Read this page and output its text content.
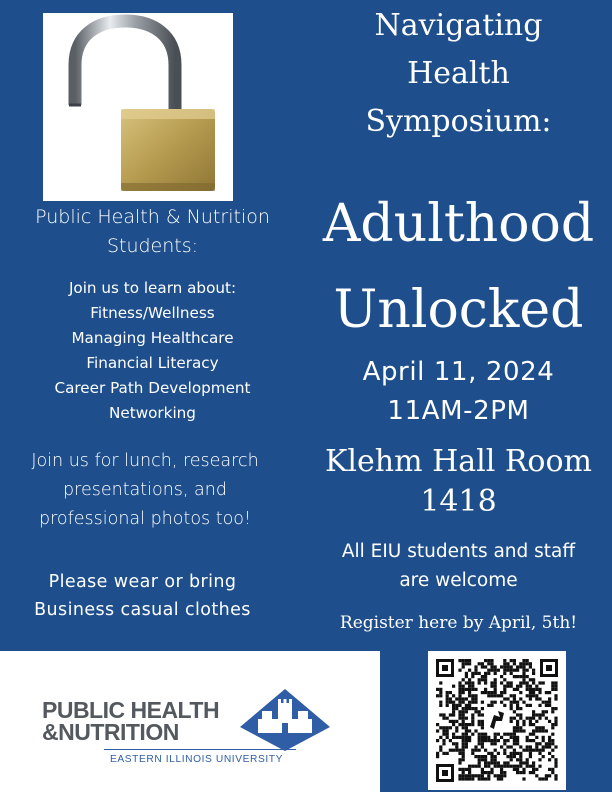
Public Health & Nutrition
Students:
Join us to learn about:
Fitness/Wellness
Managing Healthcare
Financial Literacy
Career Path Development
Networking
Join us for lunch, research
presentations, and
professional photos too!
Please wear or bring
Business casual clothes
Navigating
Health
Symposium:
Adulthood
Unlocked
April 11, 2024
11AM-2PM
Klehm Hall Room
1418
All EIU students and staff
are welcome
Register here by April, 5th!
PUBLIC HEALTH
&NUTRITION
EASTERN ILLINOIS UNIVERSITY
